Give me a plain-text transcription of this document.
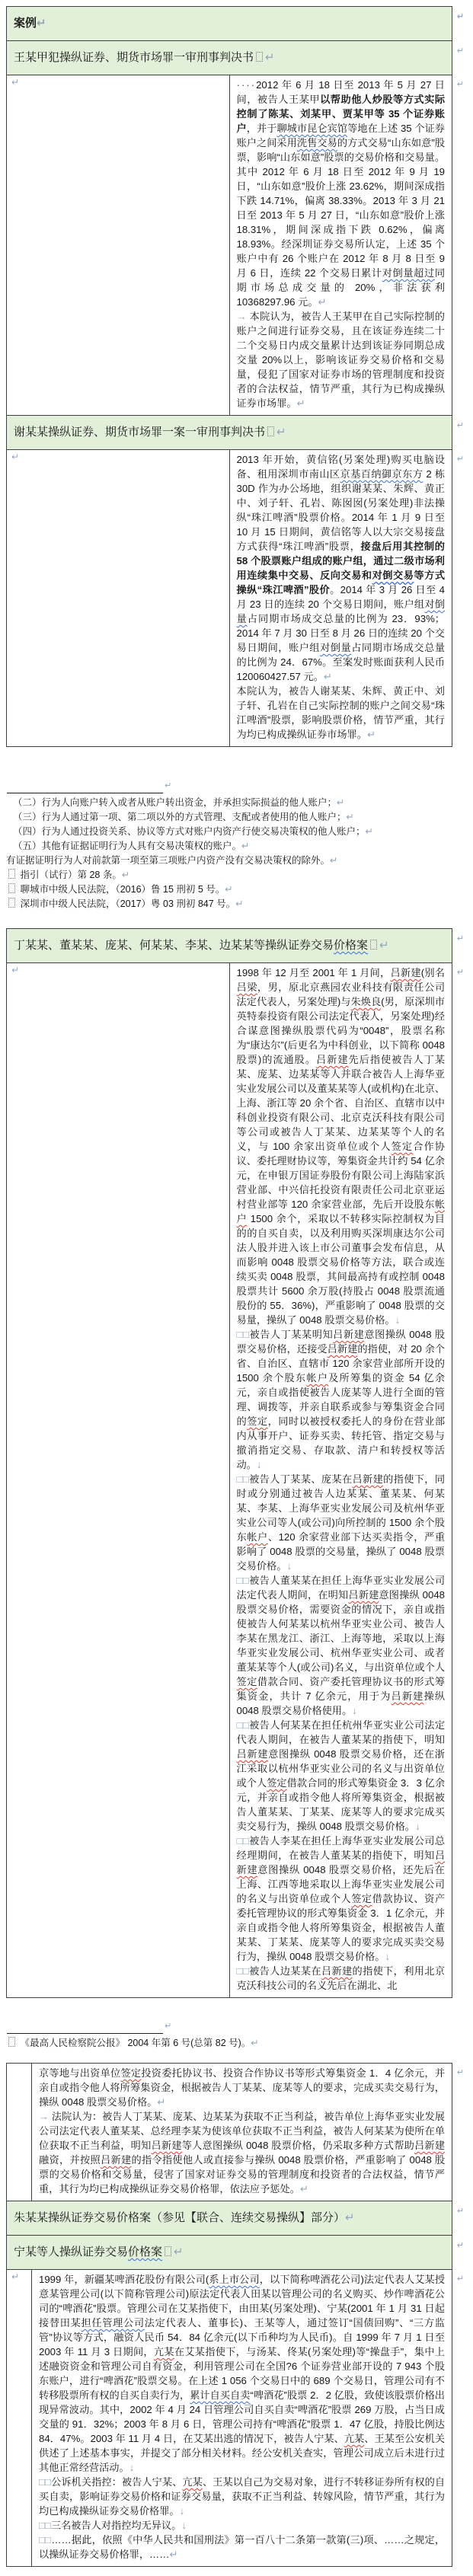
案例↵ ↵	

王某甲犯操纵证券、期货市场罪一审刑事判决书 ↵ ↵	

↵	····2012 年 6 月 18 日至 2013 年 5 月 27 日间，被告人王某甲以帮助他人炒股等方式实际控制了陈某、刘某甲、贾某甲等 35 个证券账户，并于聊城市昆仑宾馆等地在上述 35 个证券账户之间采用洗售交易的方式交易“山东如意”股票，影响“山东如意”股票的交易价格和交易量。其中 2012 年 6 月 18 日至 2012 年 9 月 19 日，“山东如意”股价上涨 23.62%，期间深成指下跌 14.71%，偏离 38.33%。2013 年 3 月 21 日至 2013 年 5 月 27 日，“山东如意”股价上涨 18.31%，期间深成指下跌 0.62%，偏离 18.93%。经深圳证券交易所认定，上述 35 个账户中有 26 个账户在 2012 年 8 月 8 日至 9 月 6 日，连续 22 个交易日累计对倒量超过同期市场总成交量的 20%，非法获利 10368297.96 元。↵
→ 本院认为，被告人王某甲在自己实际控制的账户之间进行证券交易，且在该证券连续二十二个交易日内成交量累计达到该证券同期总成交量 20%以上，影响该证券交易价格和交易量，侵犯了国家对证券市场的管理制度和投资者的合法权益，情节严重，其行为已构成操纵证券市场罪。↵
↵

谢某某操纵证券、期货市场罪一案一审刑事判决书 ↵ ↵	

↵	2013 年开始，黄信铭(另案处理)购买电脑设备、租用深圳市南山区京基百纳御京东方 2 栋 30D 作为办公场地，组织谢某某、朱辉、黄正中、刘子轩、孔岩、陈囡囡(另案处理)非法操纵“珠江啤酒”股票价格。2014 年 1 月 9 日至 10 月 15 日期间，黄信铭等人以大宗交易接盘方式获得“珠江啤酒”股票，接盘后用其控制的 58 个股票账户组成的账户组，通过二级市场利用连续集中交易、反向交易和对倒交易等方式操纵“珠江啤酒”股价。2014 年 3 月 26 日至 4 月 23 日的连续 20 个交易日期间，账户组对倒量占同期市场成交总量的比例为 23．93%；2014 年 7 月 30 日至 8 月 26 日的连续 20 个交易日期间，账户组对倒量占同期市场成交总量的比例为 24．67%。至案发时账面获利人民币 120060427.57 元。↵
本院认为，被告人谢某某、朱辉、黄正中、刘子轩、孔岩在自己实际控制的账户之间交易“珠江啤酒”股票，影响股票价格，情节严重，其行为均已构成操纵证券市场罪。↵
↵
↵
（二）行为人向账户转入或者从账户转出资金，并承担实际损益的他人账户；↵
（三）行为人通过第一项、第二项以外的方式管理、支配或者使用的他人账户；↵
（四）行为人通过投资关系、协议等方式对账户内资产行使交易决策权的他人账户；↵
（五）其他有证据证明行为人具有交易决策权的账户。↵
有证据证明行为人对前款第一项至第三项账户内资产没有交易决策权的除外。↵
指引（试行）第 28 条。↵
聊城市中级人民法院，（2016）鲁 15 刑初 5 号。↵
深圳市中级人民法院，（2017）粤 03 刑初 847 号。↵
丁某某、董某某、庞某、何某某、李某、边某某等操纵证券交易价格案 ↵	↵

↵	1998 年 12 月至 2001 年 1 月间，吕新建(别名吕梁，男，原北京燕园农业科技有限责任公司法定代表人，另案处理)与朱焕良(男，原深圳市英特泰投资有限公司法定代表人，另案处理)经合谋意图操纵股票代码为“0048”，股票名称为“康达尔”(后更名为中科创业，以下简称 0048 股票)的流通股。吕新建先后指使被告人丁某某、庞某、边某某等人并联合被告人上海华亚实业发展公司以及董某某等人(或机构)在北京、上海、浙江等 20 余个省、自治区、直辖市以中科创业投资有限公司、北京克沃科技有限公司等公司或被告人丁某某、边某某等个人的名义，与 100 余家出资单位或个人签定合作协议、委托理财协议等，筹集资金共计约 54 亿余元，在申银万国证券股份有限公司上海陆家浜营业部、中兴信托投资有限责任公司北京亚运村营业部等 120 余家营业部，先后开设股东帐户 1500 余个，采取以不转移实际控制权为目的的自买自卖，以及利用购买深圳康达尔公司法人股并进入该上市公司董事会发布信息，从而影响 0048 股票交易价格等方法，联合或连续买卖 0048 股票，其间最高持有或控制 0048 股票共计 5600 余万股(持股占 0048 股票流通股份的 55．36%)，严重影响了 0048 股票的交易量，操纵了 0048 股票交易价格。↓
□□被告人丁某某明知吕新建意图操纵 0048 股票交易价格，还接受吕新建的指使，对 20 余个省、自治区、直辖市 120 余家营业部所开设的 1500 余个股东帐户及所筹集的资金 54 亿余元，亲自或指使被告人庞某等人进行全面的管理、调拨等，并亲自联系或参与筹集资金合同的签定，同时以被授权委托人的身份在营业部内从事开户、证券买卖、转托管、指定交易与撤消指定交易、存取款、清户和转授权等活动。↓
□□被告人丁某某、庞某在吕新建的指使下，同时或分别通过被告人边某某、董某某、何某某、李某、上海华亚实业发展公司及杭州华亚实业公司等人(或公司)向所控制的 1500 余个股东帐户、120 余家营业部下达买卖指令，严重影响了 0048 股票的交易量，操纵了 0048 股票交易价格。↓
□□被告人董某某在担任上海华亚实业发展公司法定代表人期间，在明知吕新建意图操纵 0048 股票交易价格，需要资金的情况下，亲自或指使被告人何某某以杭州华亚实业公司、被告人李某在黑龙江、浙江、上海等地，采取以上海华亚实业发展公司、杭州华亚实业公司、或者董某某等个人(或公司)名义，与出资单位或个人签定借款合同、资产委托管理协议书的形式筹集资金，共计 7 亿余元，用于为吕新建操纵 0048 股票交易价格使用。↓
□□被告人何某某在担任杭州华亚实业公司法定代表人期间，在被告人董某某的指使下，明知吕新建意图操纵 0048 股票交易价格，还在浙江采取以杭州华亚实业公司的名义与出资单位或个人签定借款合同的形式筹集资金 3．3 亿余元，并亲自或指令他人将所筹集资金，根据被告人董某某、丁某某、庞某等人的要求完成买卖交易行为，操纵 0048 股票交易价格。↓
□□被告人李某在担任上海华亚实业发展公司总经理期间，在被告人董某某的指使下，明知吕新建意图操纵 0048 股票交易价格，还先后在上海、江西等地采取以上海华亚实业发展公司的名义与出资单位或个人签定借款协议、资产委托管理协议的形式筹集资金 3．1 亿余元，并亲自或指令他人将所筹集资金，根据被告人董某某、丁某某、庞某等人的要求完成买卖交易行为，操纵 0048 股票交易价格。↓
□□被告人边某某在吕新建的指使下，利用北京克沃科技公司的名义先后在湖北、北
↵
↵
《最高人民检察院公报》 2004 年第 6 号(总第 82 号)。↵

	京等地与出资单位签定投资委托协议书、投资合作协议书等形式筹集资金 1．4 亿余元，并亲自或指令他人将所筹集资金，根据被告人丁某某、庞某等人的要求，完成买卖交易行为，操纵 0048 股票交易价格。↵
→ 法院认为：被告人丁某某、庞某、边某某为获取不正当利益，被告单位上海华亚实业发展公司法定代表人董某某、总经理李某为使该单位获取不正当利益，被告人何某某为使所在单位获取不正当利益，明知吕新建等人意图操纵 0048 股票价格，仍采取多种方式帮助吕新建融资，并按照吕新建的指令指使他人或直接参与操纵 0048 股票价格，严重影响了 0048 股票的交易价格和交易量，侵害了国家对证券交易的管理制度和投资者的合法权益，情节严重，其行为均已构成操纵证券交易价格罪，依法应予惩处。↵
↵

朱某某操纵证券交易价格案（参见【联合、连续交易操纵】部分）↵ ↵	

宁某等人操纵证券交易价格案 ↵ ↵	

↵	1999 年，新疆某啤酒花股份有限公司(系上市公司，以下简称啤酒花公司)法定代表人艾某授意某管理公司(以下简称管理公司)原法定代表人田某以管理公司的名义购买、炒作啤酒花公司的“啤酒花”股票。管理公司在艾某指使下，由田某(另案处理)、宁某(2001 年 1 月 31 日起接替田某担任管理公司法定代表人、董事长)、王某等人，通过签订“国债回购”、“三方监管”协议等方式，融资人民币 54．84 亿余元(以下币种均为人民币)。自 1999 年 7 月 1 日至 2003 年 11 月 3 日期间，亢某在艾某指使下，与汤某、佟某(另案处理)等“操盘手”，集中上述融资资金和管理公司自有资金，利用管理公司在全国?6 个证券营业部开设的 7 943 个股东账户，进行“啤酒花”股票交易。在上述 1 056 个交易日中的 689 个交易日，管理公司有不转移股票所有权的自买自卖行为，累计自买自卖“啤酒花”股票 2．2 亿股，致使该股票价格出现异常波动。其中，2002 年 4 月 24 日管理公司自买自卖“啤酒花”股票 269 万股，占当日成交量的 91．32%；2003 年 8 月 6 日，管理公司持有“啤酒花”股票 1．47 亿股，持股比例达 84．47%。2003 年 11 月 4 日，在艾某出逃的情况下，被告人宁某、亢某、王某至公安机关供述了上述基本事实，并提交了部分相关材料。经公安机关查实，管理公司成立后未进行过其他正常经营活动。↓
□□公诉机关指控：被告人宁某、亢某、王某以自己为交易对象，进行不转移证券所有权的自买自卖，影响证券交易价格和证券交易量，获取不正当利益、转嫁风险，情节严重，其行为均已构成操纵证券交易价格罪。↓
□□三名被告人对指控均无异议。↓
□□……据此，依照《中华人民共和国刑法》第一百八十二条第一款第(三)项、……之规定，以操纵证券交易价格罪，……↵
↵
